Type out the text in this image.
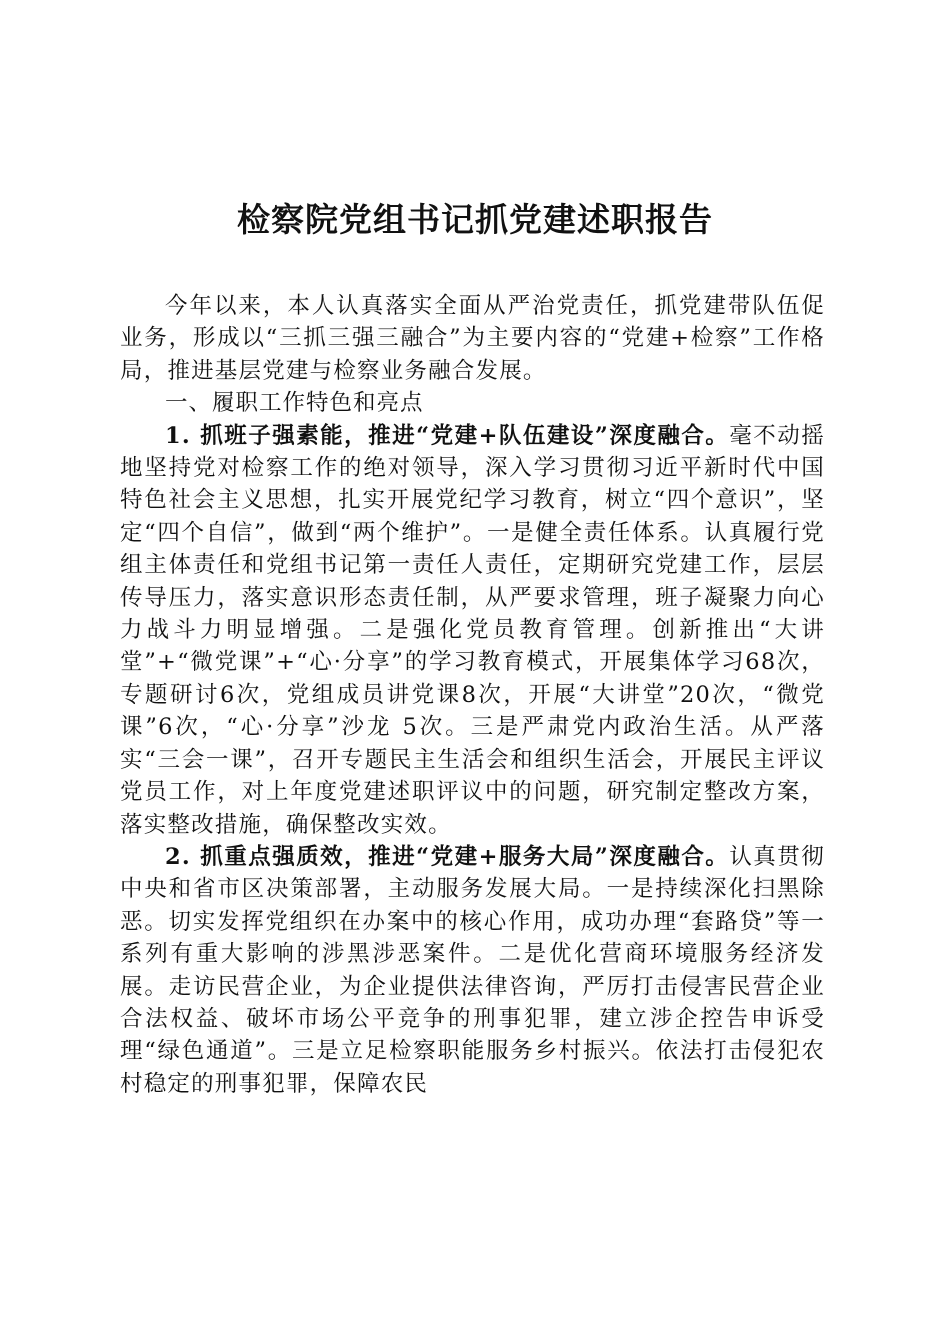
检察院党组书记抓党建述职报告

今年以来，本人认真落实全面从严治党责任，抓党建带队伍促业务，形成以“三抓三强三融合”为主要内容的“党建+检察”工作格局，推进基层党建与检察业务融合发展。

一、履职工作特色和亮点

1. 抓班子强素能，推进“党建+队伍建设”深度融合。毫不动摇地坚持党对检察工作的绝对领导，深入学习贯彻习近平新时代中国特色社会主义思想，扎实开展党纪学习教育，树立“四个意识”，坚定“四个自信”，做到“两个维护”。一是健全责任体系。认真履行党组主体责任和党组书记第一责任人责任，定期研究党建工作，层层传导压力，落实意识形态责任制，从严要求管理，班子凝聚力向心力战斗力明显增强。二是强化党员教育管理。创新推出“大讲堂”+“微党课”+“心·分享”的学习教育模式，开展集体学习68次，专题研讨6次，党组成员讲党课8次，开展“大讲堂”20次，“微党课”6次，“心·分享”沙龙 5次。三是严肃党内政治生活。从严落实“三会一课”，召开专题民主生活会和组织生活会，开展民主评议党员工作，对上年度党建述职评议中的问题，研究制定整改方案，落实整改措施，确保整改实效。

2. 抓重点强质效，推进“党建+服务大局”深度融合。认真贯彻中央和省市区决策部署，主动服务发展大局。一是持续深化扫黑除恶。切实发挥党组织在办案中的核心作用，成功办理“套路贷”等一系列有重大影响的涉黑涉恶案件。二是优化营商环境服务经济发展。走访民营企业，为企业提供法律咨询，严厉打击侵害民营企业合法权益、破坏市场公平竞争的刑事犯罪，建立涉企控告申诉受理“绿色通道”。三是立足检察职能服务乡村振兴。依法打击侵犯农村稳定的刑事犯罪，保障农民
